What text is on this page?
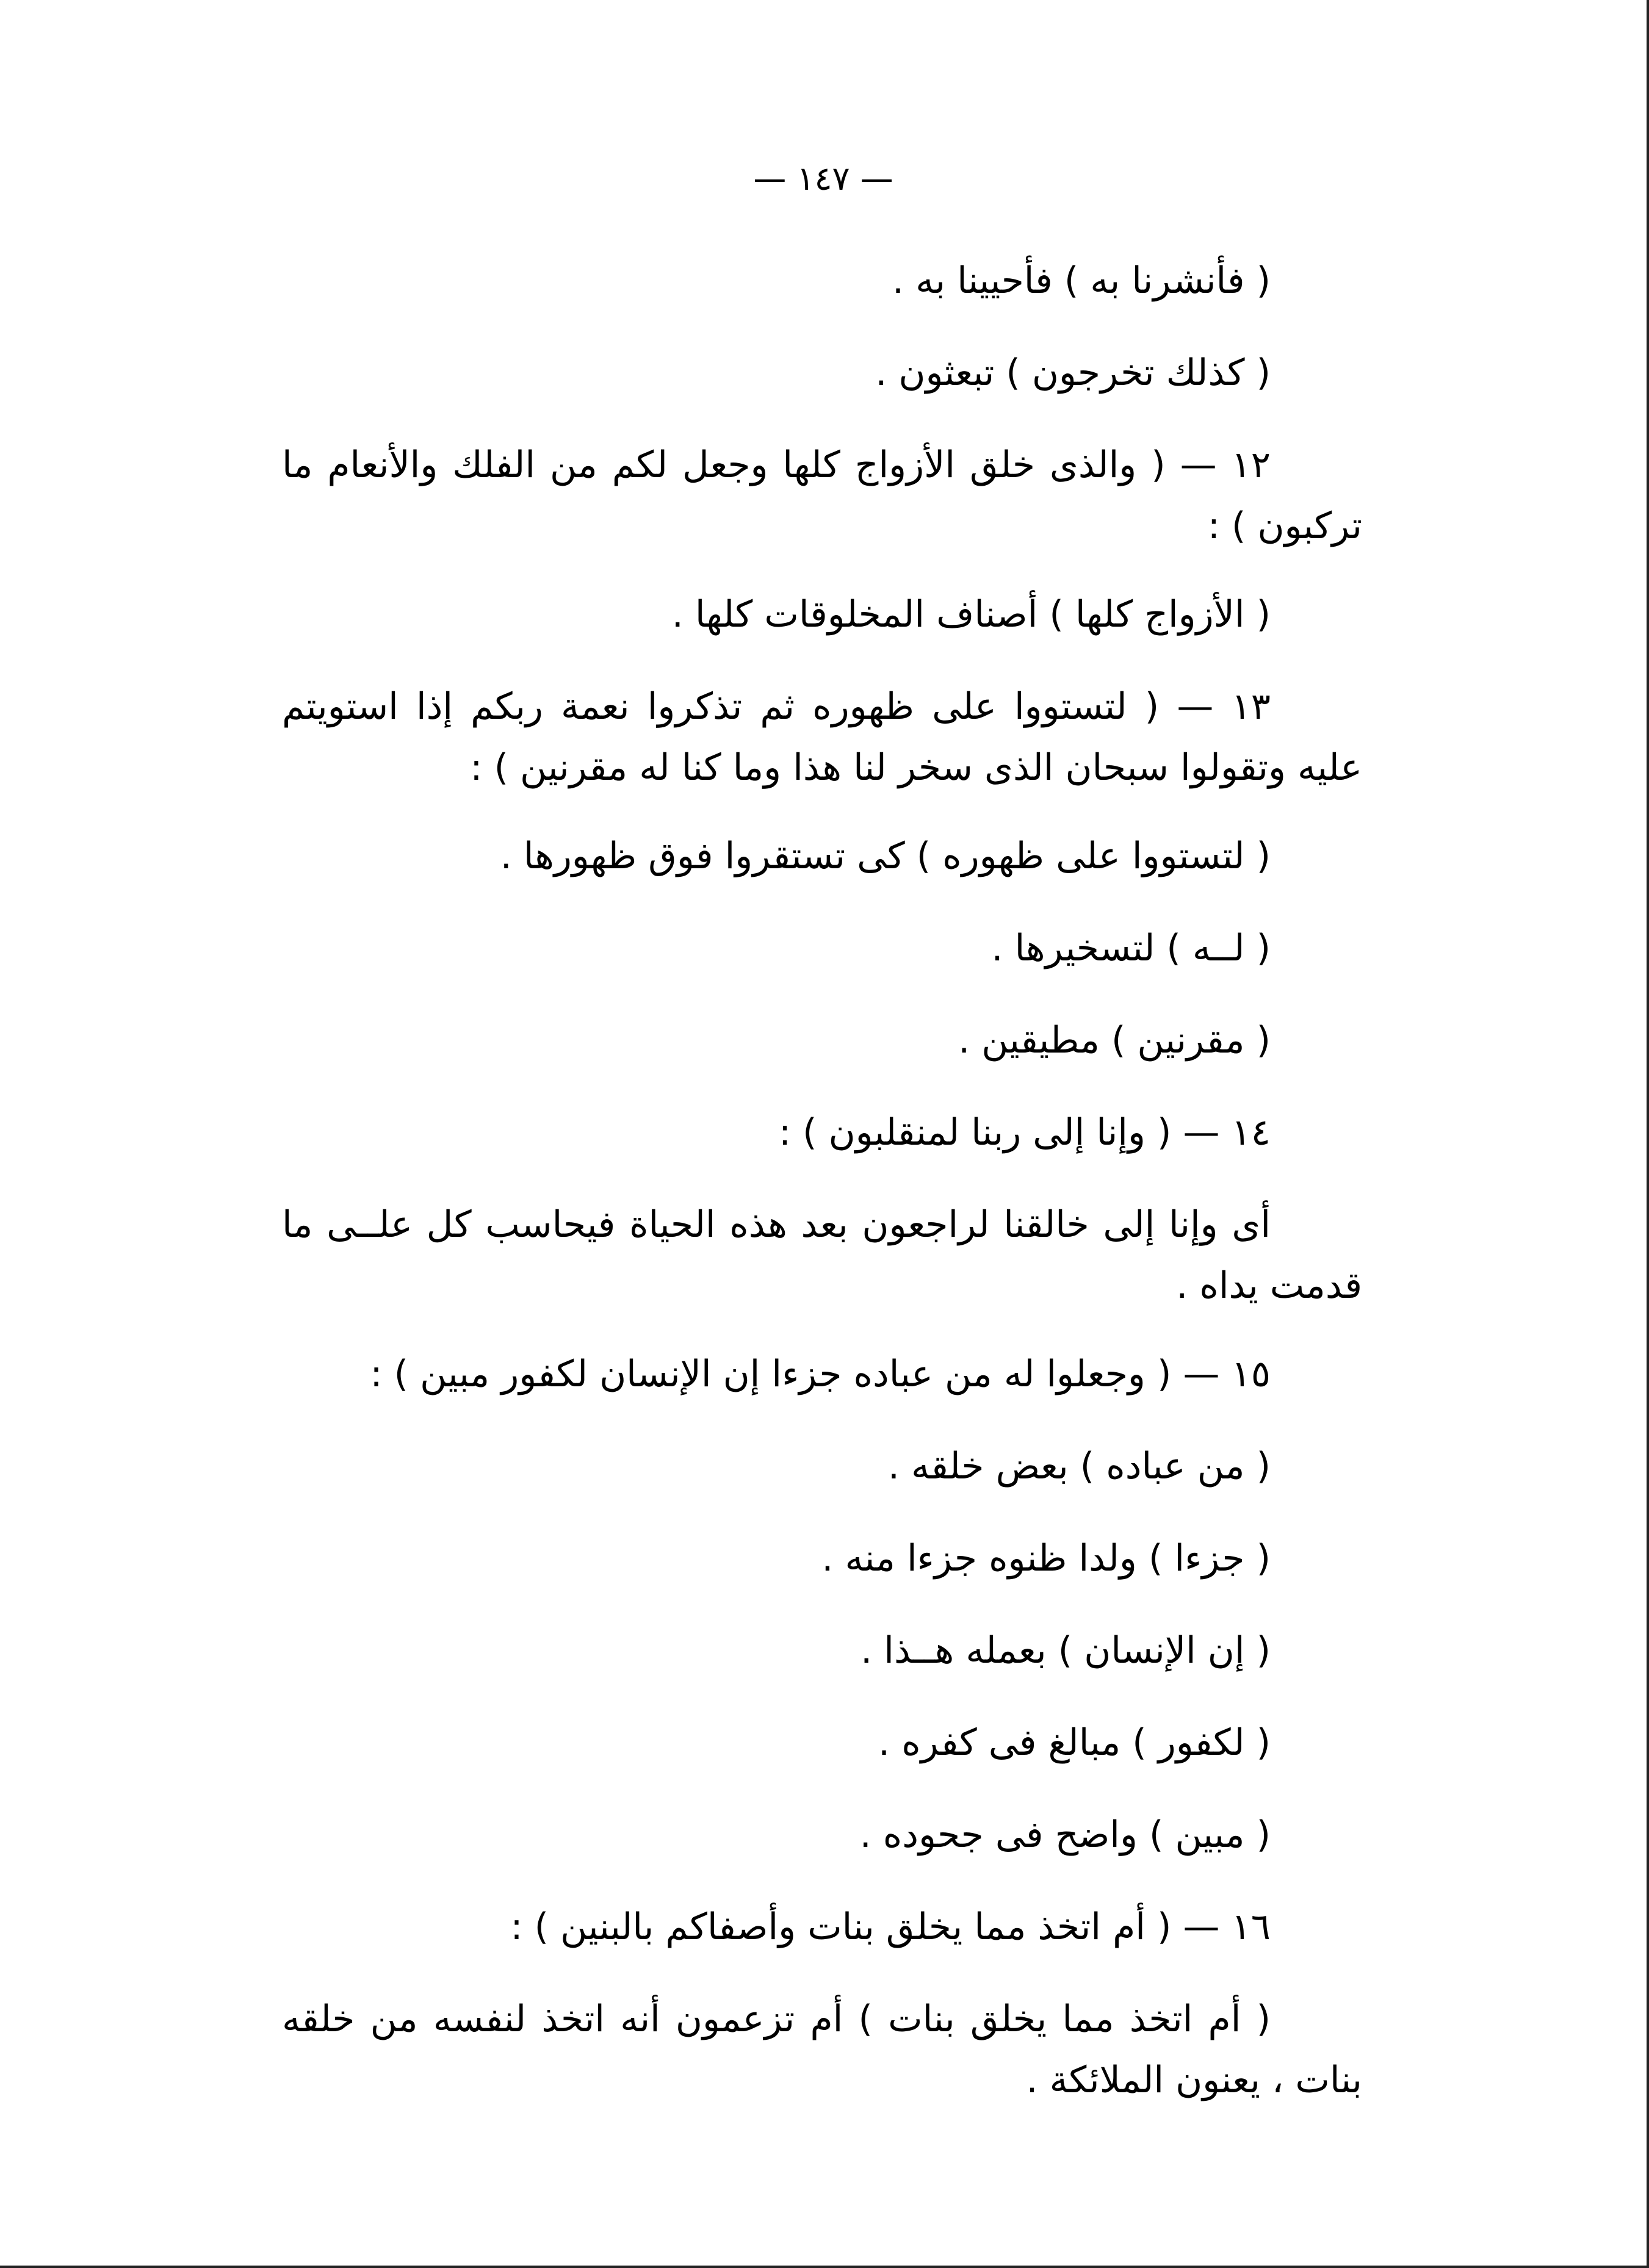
— ١٤٧ —

( فأنشرنا به ) فأحيينا به .

( كذلك تخرجون ) تبعثون .

١٢ — ( والذى خلق الأزواج كلها وجعل لكم من الفلك والأنعام ما تركبون ) :

( الأزواج كلها ) أصناف المخلوقات كلها .

١٣ — ( لتستووا على ظهوره ثم تذكروا نعمة ربكم إذا استويتم عليه وتقولوا سبحان الذى سخر لنا هذا وما كنا له مقرنين ) :

( لتستووا على ظهوره ) كى تستقروا فوق ظهورها .

( لــه ) لتسخيرها .

( مقرنين ) مطيقين .

١٤ — ( وإنا إلى ربنا لمنقلبون ) :

أى وإنا إلى خالقنا لراجعون بعد هذه الحياة فيحاسب كل علــى ما قدمت يداه .

١٥ — ( وجعلوا له من عباده جزءا إن الإنسان لكفور مبين ) :

( من عباده ) بعض خلقه .

( جزءا ) ولدا ظنوه جزءا منه .

( إن الإنسان ) بعمله هــذا .

( لكفور ) مبالغ فى كفره .

( مبين ) واضح فى جحوده .

١٦ — ( أم اتخذ مما يخلق بنات وأصفاكم بالبنين ) :

( أم اتخذ مما يخلق بنات ) أم تزعمون أنه اتخذ لنفسه من خلقه بنات ، يعنون الملائكة .
